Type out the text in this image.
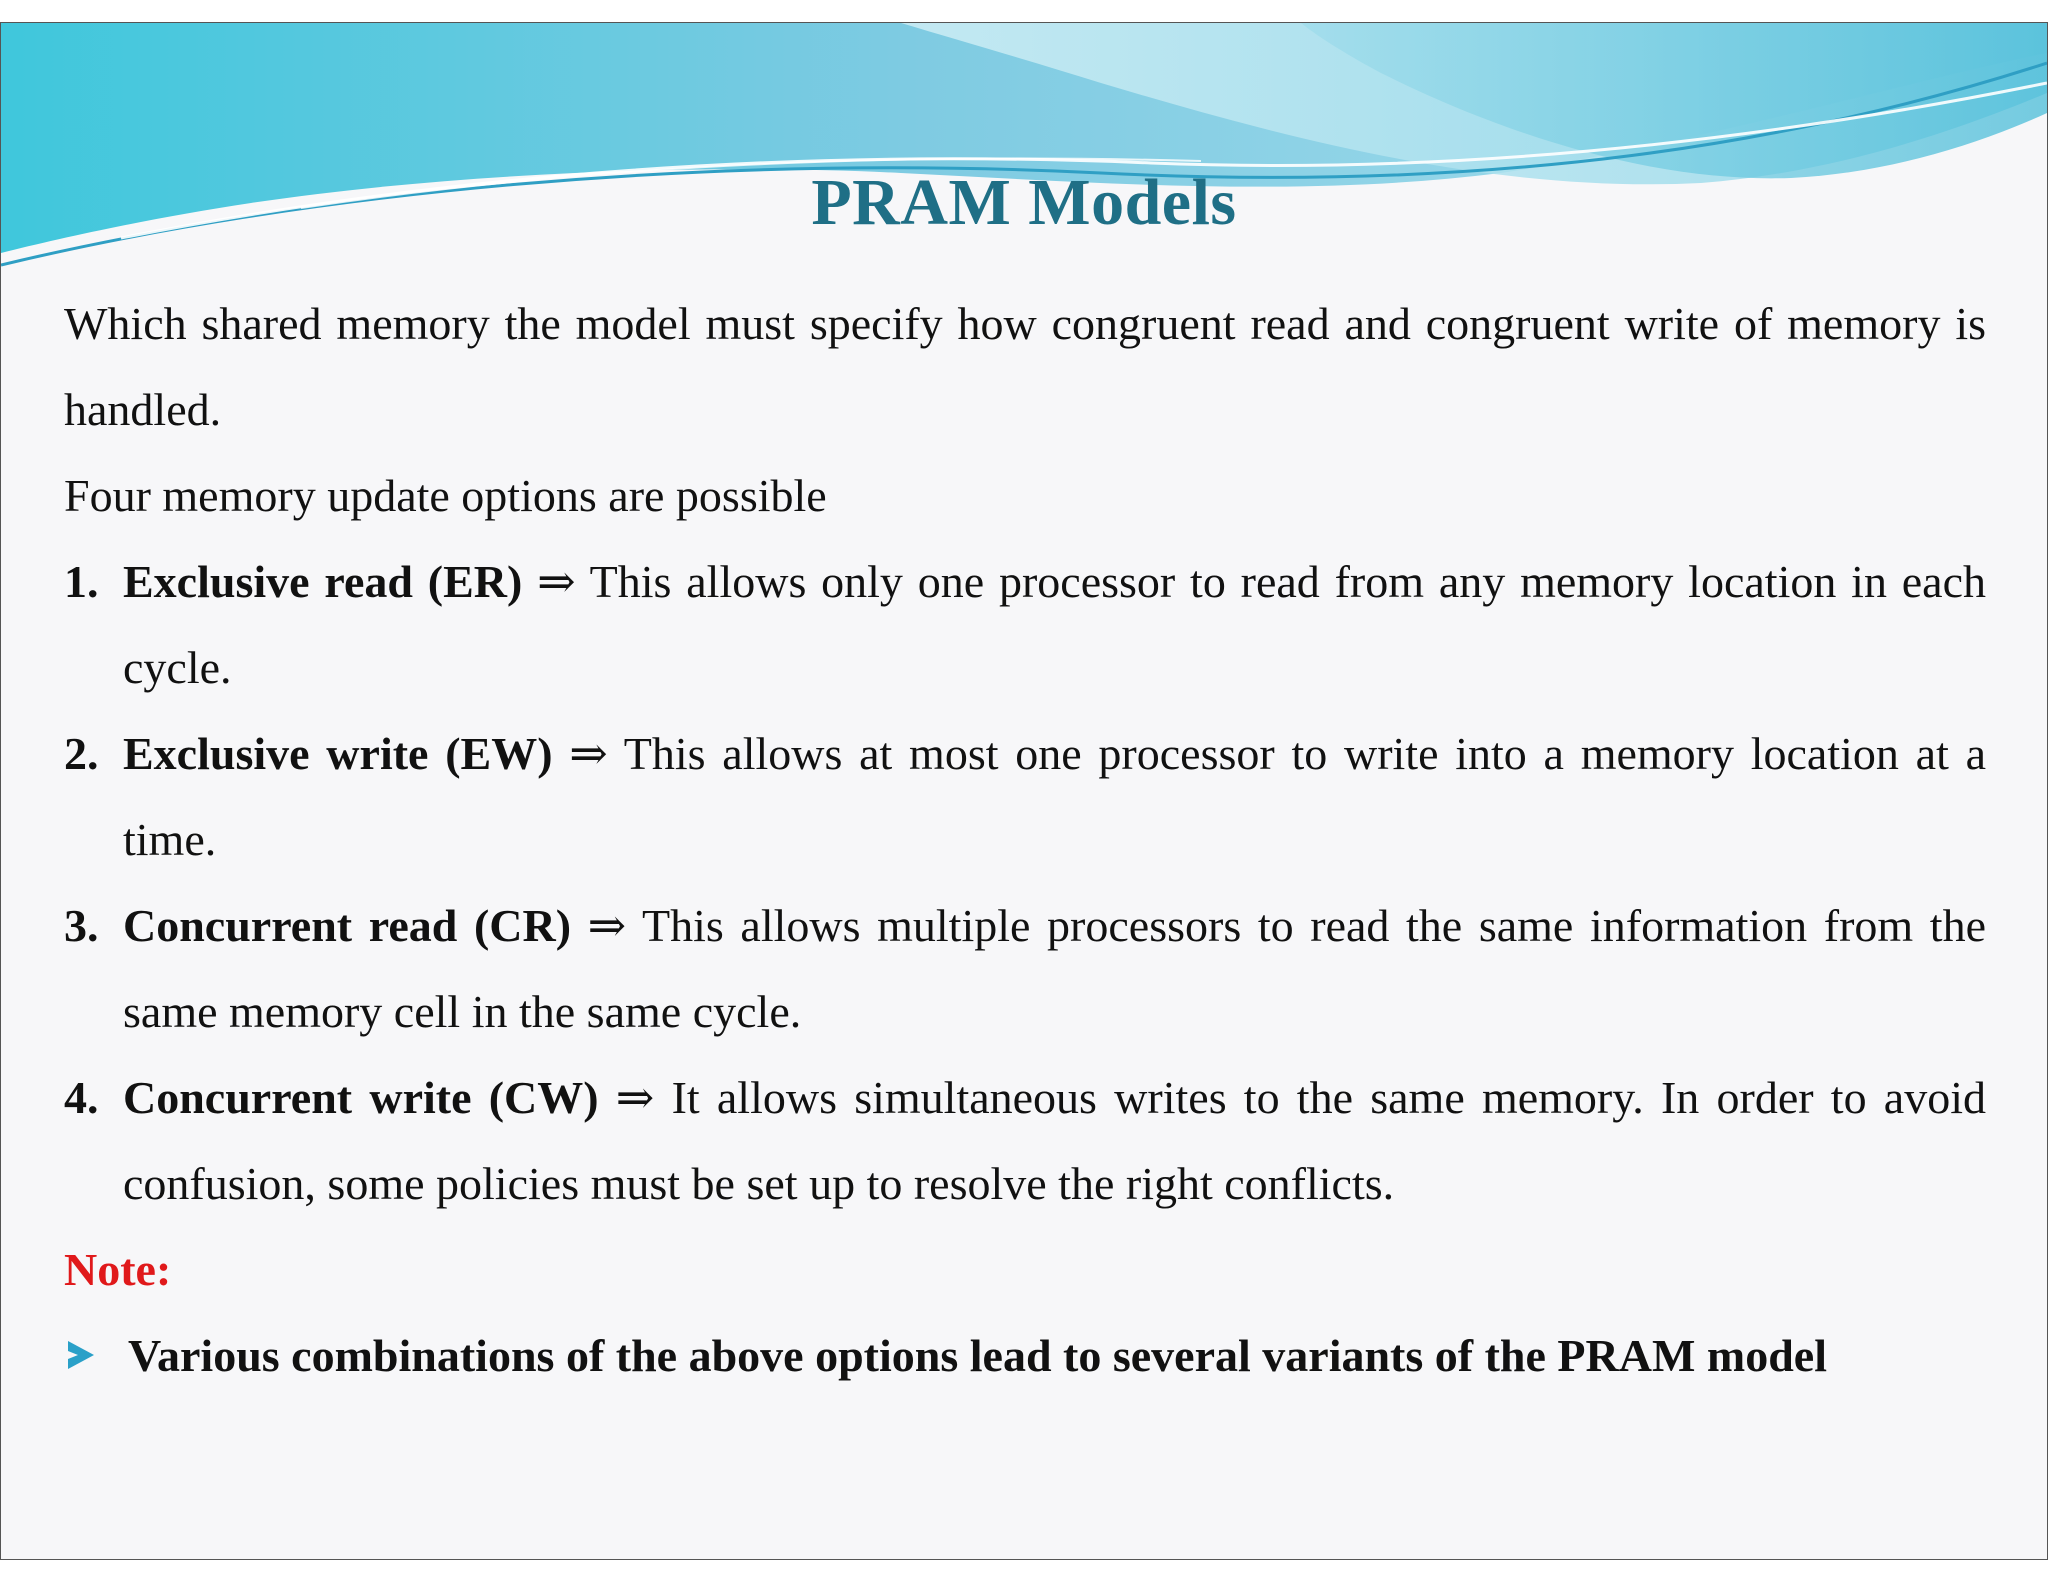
PRAM Models
Which shared memory the model must specify how congruent read and congruent write of memory is handled.
Four memory update options are possible
1. Exclusive read (ER) ⇒ This allows only one processor to read from any memory location in each cycle.
2. Exclusive write (EW) ⇒ This allows at most one processor to write into a memory location at a time.
3. Concurrent read (CR) ⇒ This allows multiple processors to read the same information from the same memory cell in the same cycle.
4. Concurrent write (CW) ⇒ It allows simultaneous writes to the same memory. In order to avoid confusion, some policies must be set up to resolve the right conflicts.
Note:
Various combinations of the above options lead to several variants of the PRAM model
